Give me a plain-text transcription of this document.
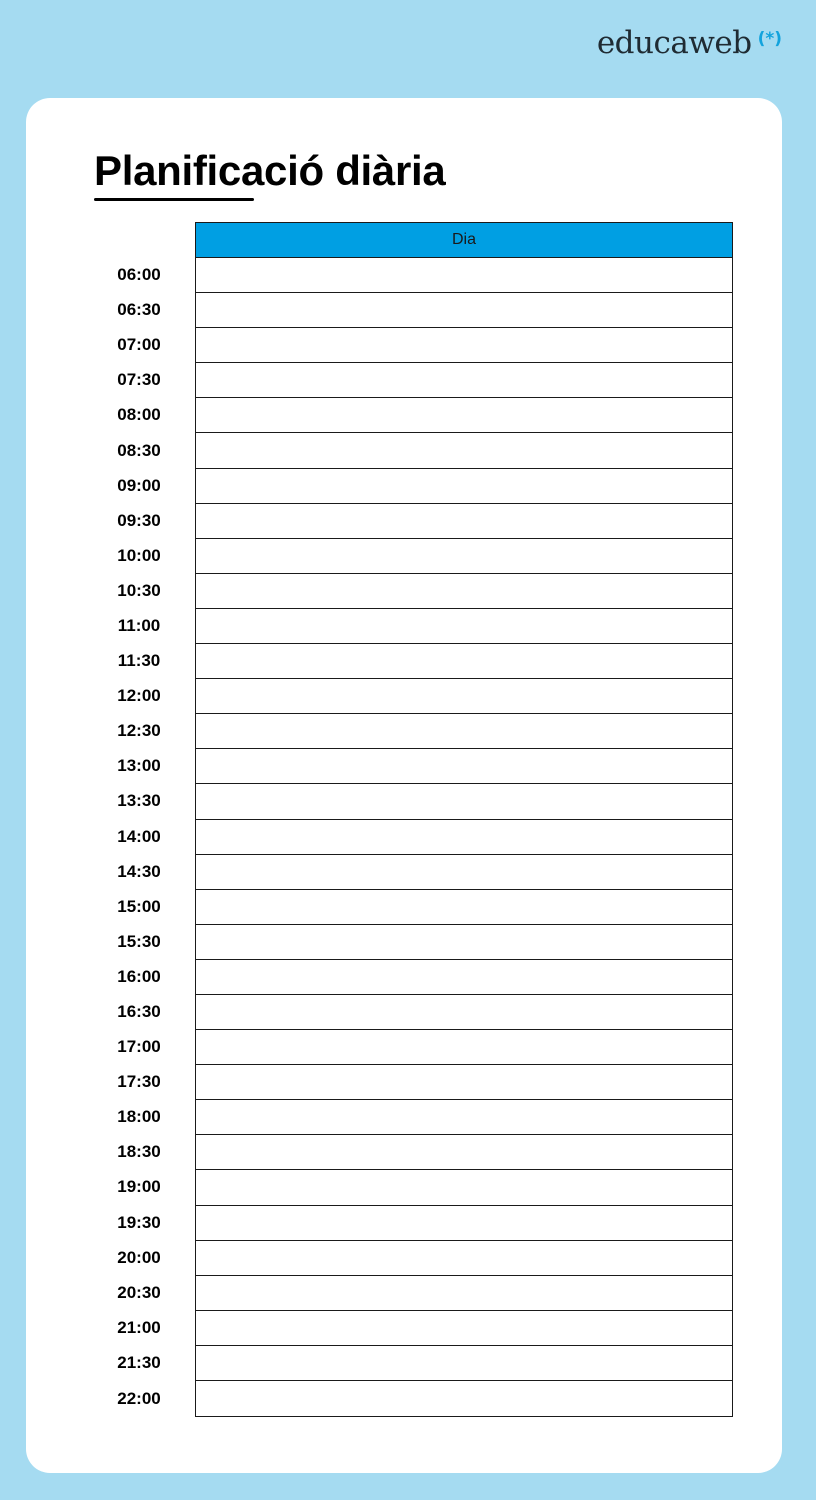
educaweb (*)
Planificació diària
Dia
06:00
06:30
07:00
07:30
08:00
08:30
09:00
09:30
10:00
10:30
11:00
11:30
12:00
12:30
13:00
13:30
14:00
14:30
15:00
15:30
16:00
16:30
17:00
17:30
18:00
18:30
19:00
19:30
20:00
20:30
21:00
21:30
22:00
